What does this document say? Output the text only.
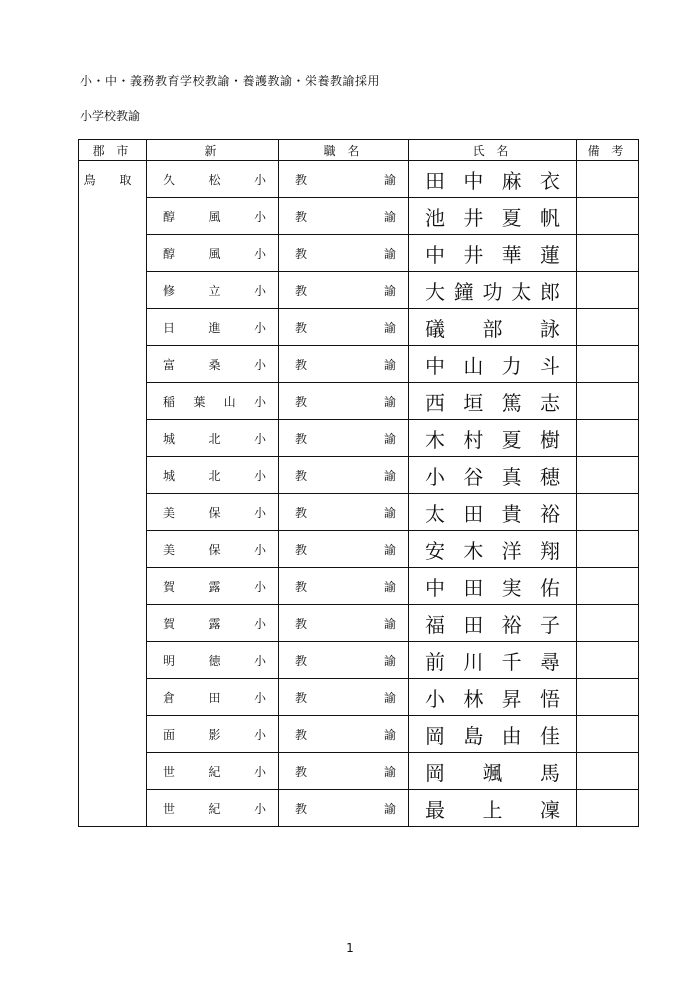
小・中・義務教育学校教諭・養護教諭・栄養教諭採用
小学校教諭
郡 市	新	職 名	氏 名	備 考
鳥 取	久 松 小	教 諭	田 中 麻 衣	

	醇 風 小	教 諭	池 井 夏 帆	

	醇 風 小	教 諭	中 井 華 蓮	

	修 立 小	教 諭	大 鐘 功 太 郎	

	日 進 小	教 諭	礒 部 詠	

	富 桑 小	教 諭	中 山 力 斗	

	稲 葉 山 小	教 諭	西 垣 篤 志	

	城 北 小	教 諭	木 村 夏 樹	

	城 北 小	教 諭	小 谷 真 穂	

	美 保 小	教 諭	太 田 貴 裕	

	美 保 小	教 諭	安 木 洋 翔	

	賀 露 小	教 諭	中 田 実 佑	

	賀 露 小	教 諭	福 田 裕 子	

	明 徳 小	教 諭	前 川 千 尋	

	倉 田 小	教 諭	小 林 昇 悟	

	面 影 小	教 諭	岡 島 由 佳	

	世 紀 小	教 諭	岡 颯 馬	

	世 紀 小	教 諭	最 上 凜	

1
